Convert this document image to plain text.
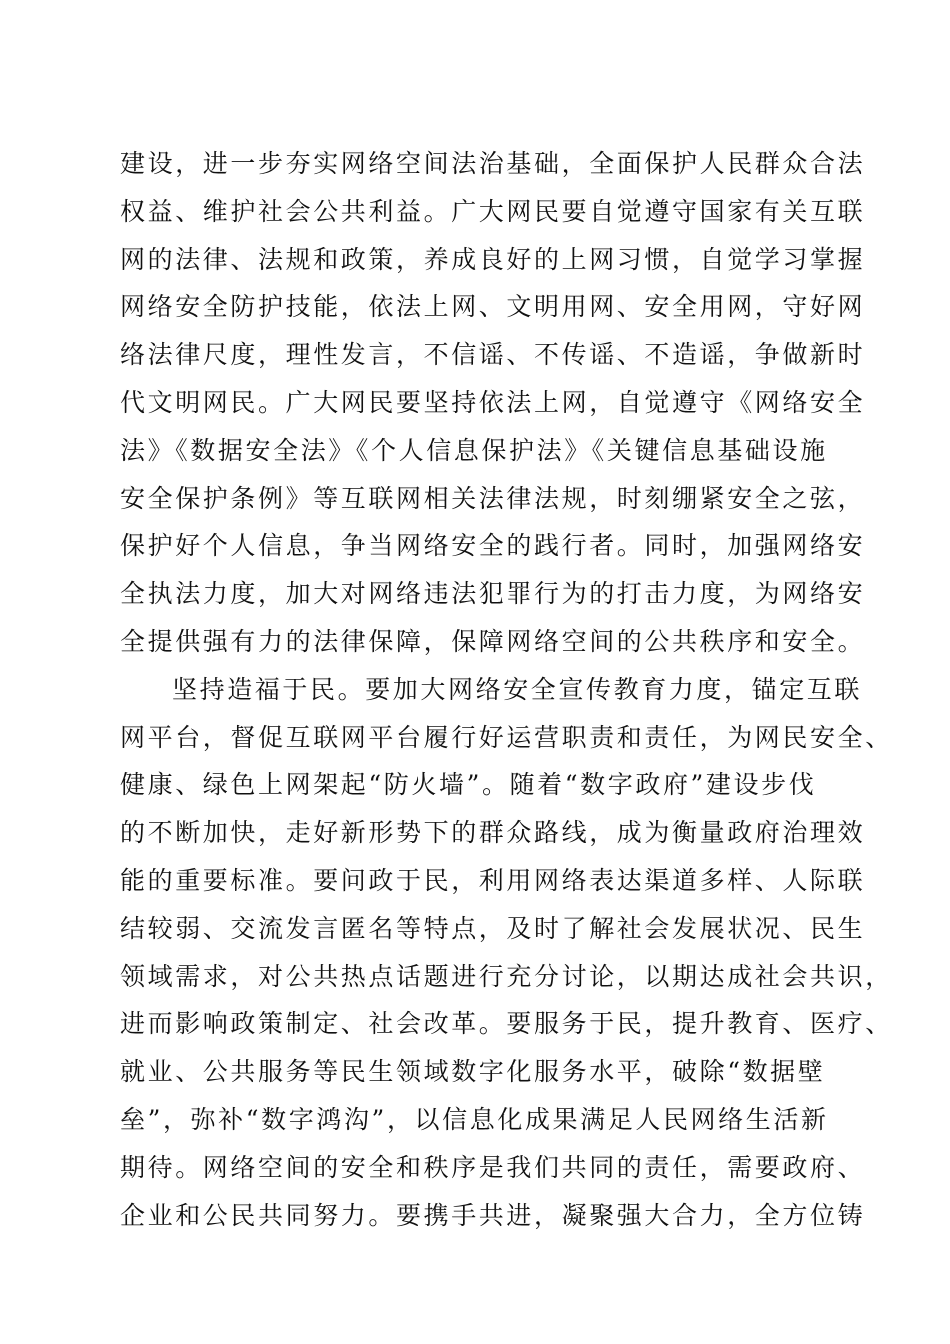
建设，进一步夯实网络空间法治基础，全面保护人民群众合法
权益、维护社会公共利益。广大网民要自觉遵守国家有关互联
网的法律、法规和政策，养成良好的上网习惯，自觉学习掌握
网络安全防护技能，依法上网、文明用网、安全用网，守好网
络法律尺度，理性发言，不信谣、不传谣、不造谣，争做新时
代文明网民。广大网民要坚持依法上网，自觉遵守《网络安全
法》《数据安全法》《个人信息保护法》《关键信息基础设施
安全保护条例》等互联网相关法律法规，时刻绷紧安全之弦，
保护好个人信息，争当网络安全的践行者。同时，加强网络安
全执法力度，加大对网络违法犯罪行为的打击力度，为网络安
全提供强有力的法律保障，保障网络空间的公共秩序和安全。
坚持造福于民。要加大网络安全宣传教育力度，锚定互联
网平台，督促互联网平台履行好运营职责和责任，为网民安全、
健康、绿色上网架起“防火墙”。随着“数字政府”建设步伐
的不断加快，走好新形势下的群众路线，成为衡量政府治理效
能的重要标准。要问政于民，利用网络表达渠道多样、人际联
结较弱、交流发言匿名等特点，及时了解社会发展状况、民生
领域需求，对公共热点话题进行充分讨论，以期达成社会共识，
进而影响政策制定、社会改革。要服务于民，提升教育、医疗、
就业、公共服务等民生领域数字化服务水平，破除“数据壁
垒”，弥补“数字鸿沟”，以信息化成果满足人民网络生活新
期待。网络空间的安全和秩序是我们共同的责任，需要政府、
企业和公民共同努力。要携手共进，凝聚强大合力，全方位铸
